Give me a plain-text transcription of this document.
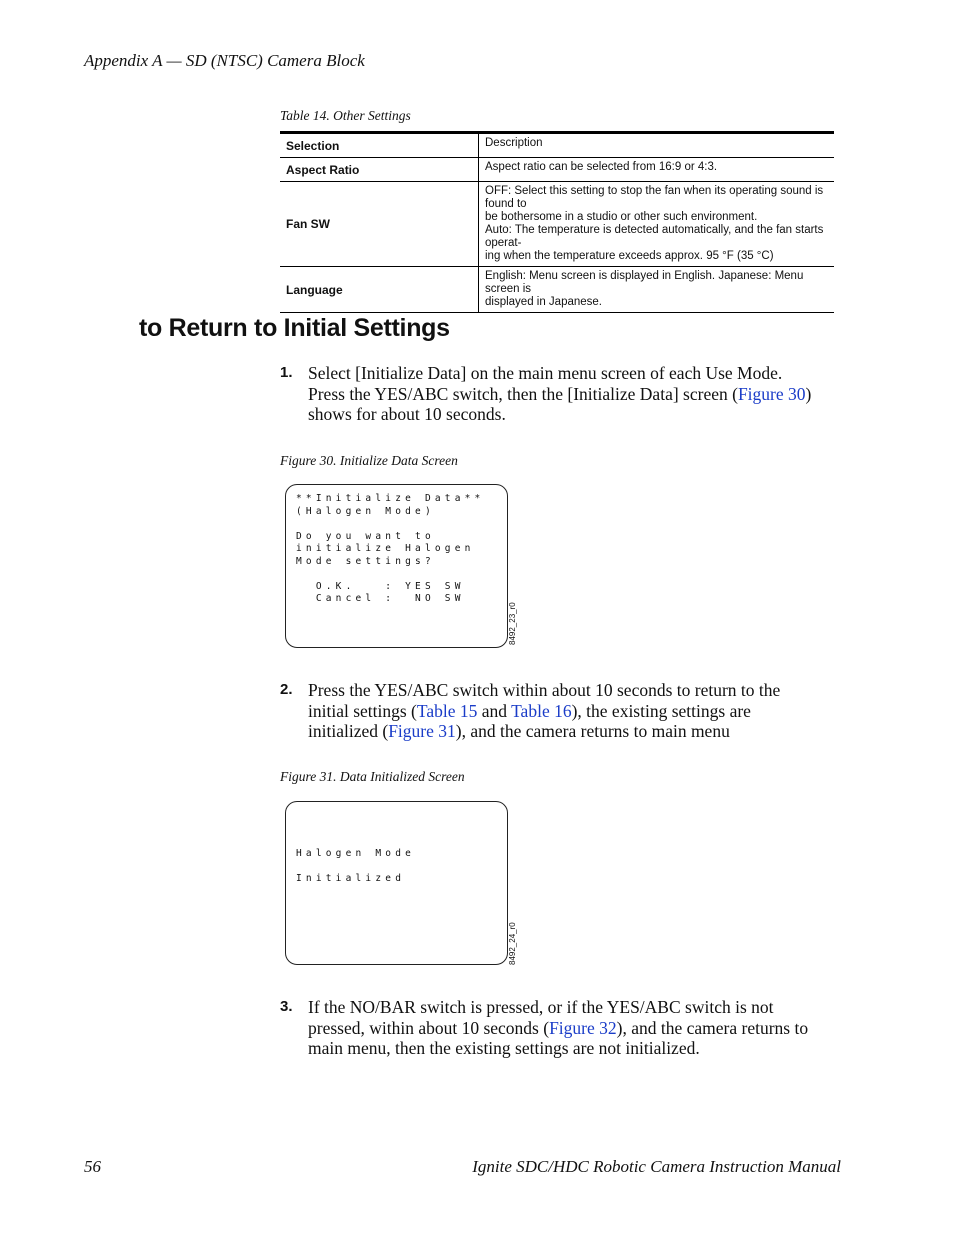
Appendix A — SD (NTSC) Camera Block
Table 14. Other Settings
Selection	Description

Aspect Ratio	Aspect ratio can be selected from 16:9 or 4:3.

Fan SW	OFF: Select this setting to stop the fan when its operating sound is found to
be bothersome in a studio or other such environment.
Auto: The temperature is detected automatically, and the fan starts operat-
ing when the temperature exceeds approx. 95 °F (35 °C)

Language	English: Menu screen is displayed in English. Japanese: Menu screen is
displayed in Japanese.
to Return to Initial Settings
1. Select [Initialize Data] on the main menu screen of each Use Mode.
Press the YES/ABC switch, then the [Initialize Data] screen (Figure 30)
shows for about 10 seconds.
Figure 30. Initialize Data Screen
**Initialize Data**
(Halogen Mode)
Do you want to
initialize Halogen
Mode settings?
O.K.   : YES SW
Cancel :  NO SW
8492_23_r0
2. Press the YES/ABC switch within about 10 seconds to return to the
initial settings (Table 15 and Table 16), the existing settings are
initialized (Figure 31), and the camera returns to main menu
Figure 31. Data Initialized Screen
Halogen Mode
Initialized
8492_24_r0
3. If the NO/BAR switch is pressed, or if the YES/ABC switch is not
pressed, within about 10 seconds (Figure 32), and the camera returns to
main menu, then the existing settings are not initialized.
56	Ignite SDC/HDC Robotic Camera Instruction Manual
